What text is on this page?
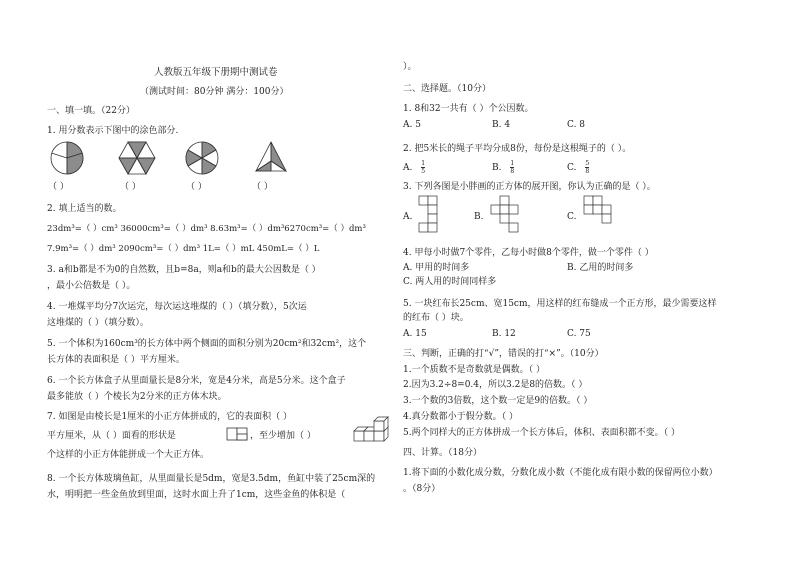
人教版五年级下册期中测试卷
（测试时间：80分钟 满分：100分）
一、填一填。（22分）
1. 用分数表示下图中的涂色部分.
（ ）	（ ）	（ ）	（ ）
2. 填上适当的数。
23dm³=（ ）cm³ 36000cm³=（ ）dm³ 8.63m³=（ ）dm³6270cm³=（ ）dm³
7.9m³=（ ）dm³ 2090cm³=（ ）dm³ 1L=（ ）mL 450mL=（ ）L
3. a和b都是不为0的自然数，且b=8a，则a和b的最大公因数是（ ）
，最小公倍数是（ ）。
4. 一堆煤平均分7次运完，每次运这堆煤的（ ）（填分数），5次运
这堆煤的（ ）（填分数）。
5. 一个体积为160cm³的长方体中两个侧面的面积分别为20cm²和32cm²，这个
长方体的表面积是（ ）平方厘米。
6. 一个长方体盒子从里面量长是8分米，宽是4分米，高是5分米。这个盒子
最多能放（ ）个棱长为2分米的正方体木块。
7. 如图是由棱长是1厘米的小正方体拼成的，它的表面积（ ）
平方厘米，从（ ）面看的形状是	，至少增加（ ）
个这样的小正方体能拼成一个大正方体。
8. 一个长方体玻璃鱼缸，从里面量长是5dm，宽是3.5dm，鱼缸中装了25cm深的
水，明明把一些金鱼放到里面，这时水面上升了1cm，这些金鱼的体积是（
）。
二、选择题。（10分）
1. 8和32一共有（ ）个公因数。
A. 5	B. 4	C. 8
2. 把5米长的绳子平均分成8份，每份是这根绳子的（ ）。
A. $\frac{1}{5}$	B. $\frac{1}{8}$	C. $\frac{5}{8}$
3. 下列各图是小胖画的正方体的展开图，你认为正确的是（ ）。
A.	B.	C.
4. 甲每小时做7个零件，乙每小时做8个零件，做一个零件（ ）
A. 甲用的时间多	B. 乙用的时间多
C. 两人用的时间同样多
5. 一块红布长25cm、宽15cm，用这样的红布缝成一个正方形，最少需要这样
的红布（ ）块。
A. 15	B. 12	C. 75
三、判断，正确的打“√”，错误的打“×”。（10分）
1.一个质数不是奇数就是偶数。（ ）
2.因为3.2÷8=0.4，所以3.2是8的倍数。（ ）
3.一个数的3倍数，这个数一定是9的倍数。（ ）
4.真分数都小于假分数。（ ）
5.两个同样大的正方体拼成一个长方体后，体积、表面积都不变。（ ）
四、计算。（18分）
1.将下面的小数化成分数，分数化成小数（不能化成有限小数的保留两位小数）
。（8分）
